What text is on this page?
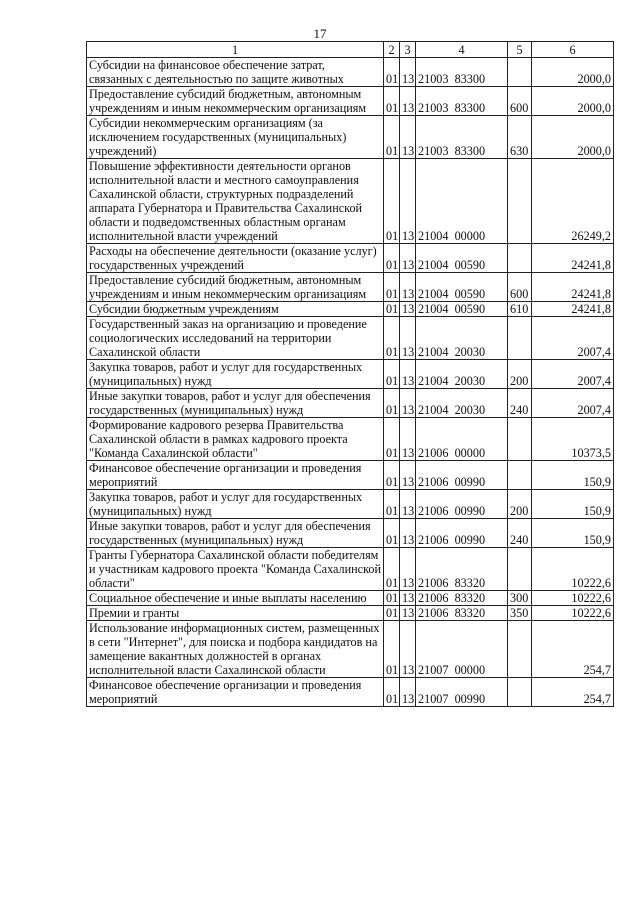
17
1	2	3	4	5	6
Субсидии на финансовое обеспечение затрат, связанных с деятельностью по защите животных	01	13	21003  83300		2000,0
Предоставление субсидий бюджетным, автономным учреждениям и иным некоммерческим организациям	01	13	21003  83300	600	2000,0
Субсидии некоммерческим организациям (за исключением государственных (муниципальных) учреждений)	01	13	21003  83300	630	2000,0
Повышение эффективности деятельности органов исполнительной власти и местного самоуправления Сахалинской области, структурных подразделений аппарата Губернатора и Правительства Сахалинской области и подведомственных областным органам исполнительной власти учреждений	01	13	21004  00000		26249,2
Расходы на обеспечение деятельности (оказание услуг) государственных учреждений	01	13	21004  00590		24241,8
Предоставление субсидий бюджетным, автономным учреждениям и иным некоммерческим организациям	01	13	21004  00590	600	24241,8
Субсидии бюджетным учреждениям	01	13	21004  00590	610	24241,8
Государственный заказ на организацию и проведение социологических исследований на территории Сахалинской области	01	13	21004  20030		2007,4
Закупка товаров, работ и услуг для государственных (муниципальных) нужд	01	13	21004  20030	200	2007,4
Иные закупки товаров, работ и услуг для обеспечения государственных (муниципальных) нужд	01	13	21004  20030	240	2007,4
Формирование кадрового резерва Правительства Сахалинской области в рамках кадрового проекта "Команда Сахалинской области"	01	13	21006  00000		10373,5
Финансовое обеспечение организации и проведения мероприятий	01	13	21006  00990		150,9
Закупка товаров, работ и услуг для государственных (муниципальных) нужд	01	13	21006  00990	200	150,9
Иные закупки товаров, работ и услуг для обеспечения государственных (муниципальных) нужд	01	13	21006  00990	240	150,9
Гранты Губернатора Сахалинской области победителям и участникам кадрового проекта "Команда Сахалинской области"	01	13	21006  83320		10222,6
Социальное обеспечение и иные выплаты населению	01	13	21006  83320	300	10222,6
Премии и гранты	01	13	21006  83320	350	10222,6
Использование информационных систем, размещенных в сети "Интернет", для поиска и подбора кандидатов на замещение вакантных должностей в органах исполнительной власти Сахалинской области	01	13	21007  00000		254,7
Финансовое обеспечение организации и проведения мероприятий	01	13	21007  00990		254,7
